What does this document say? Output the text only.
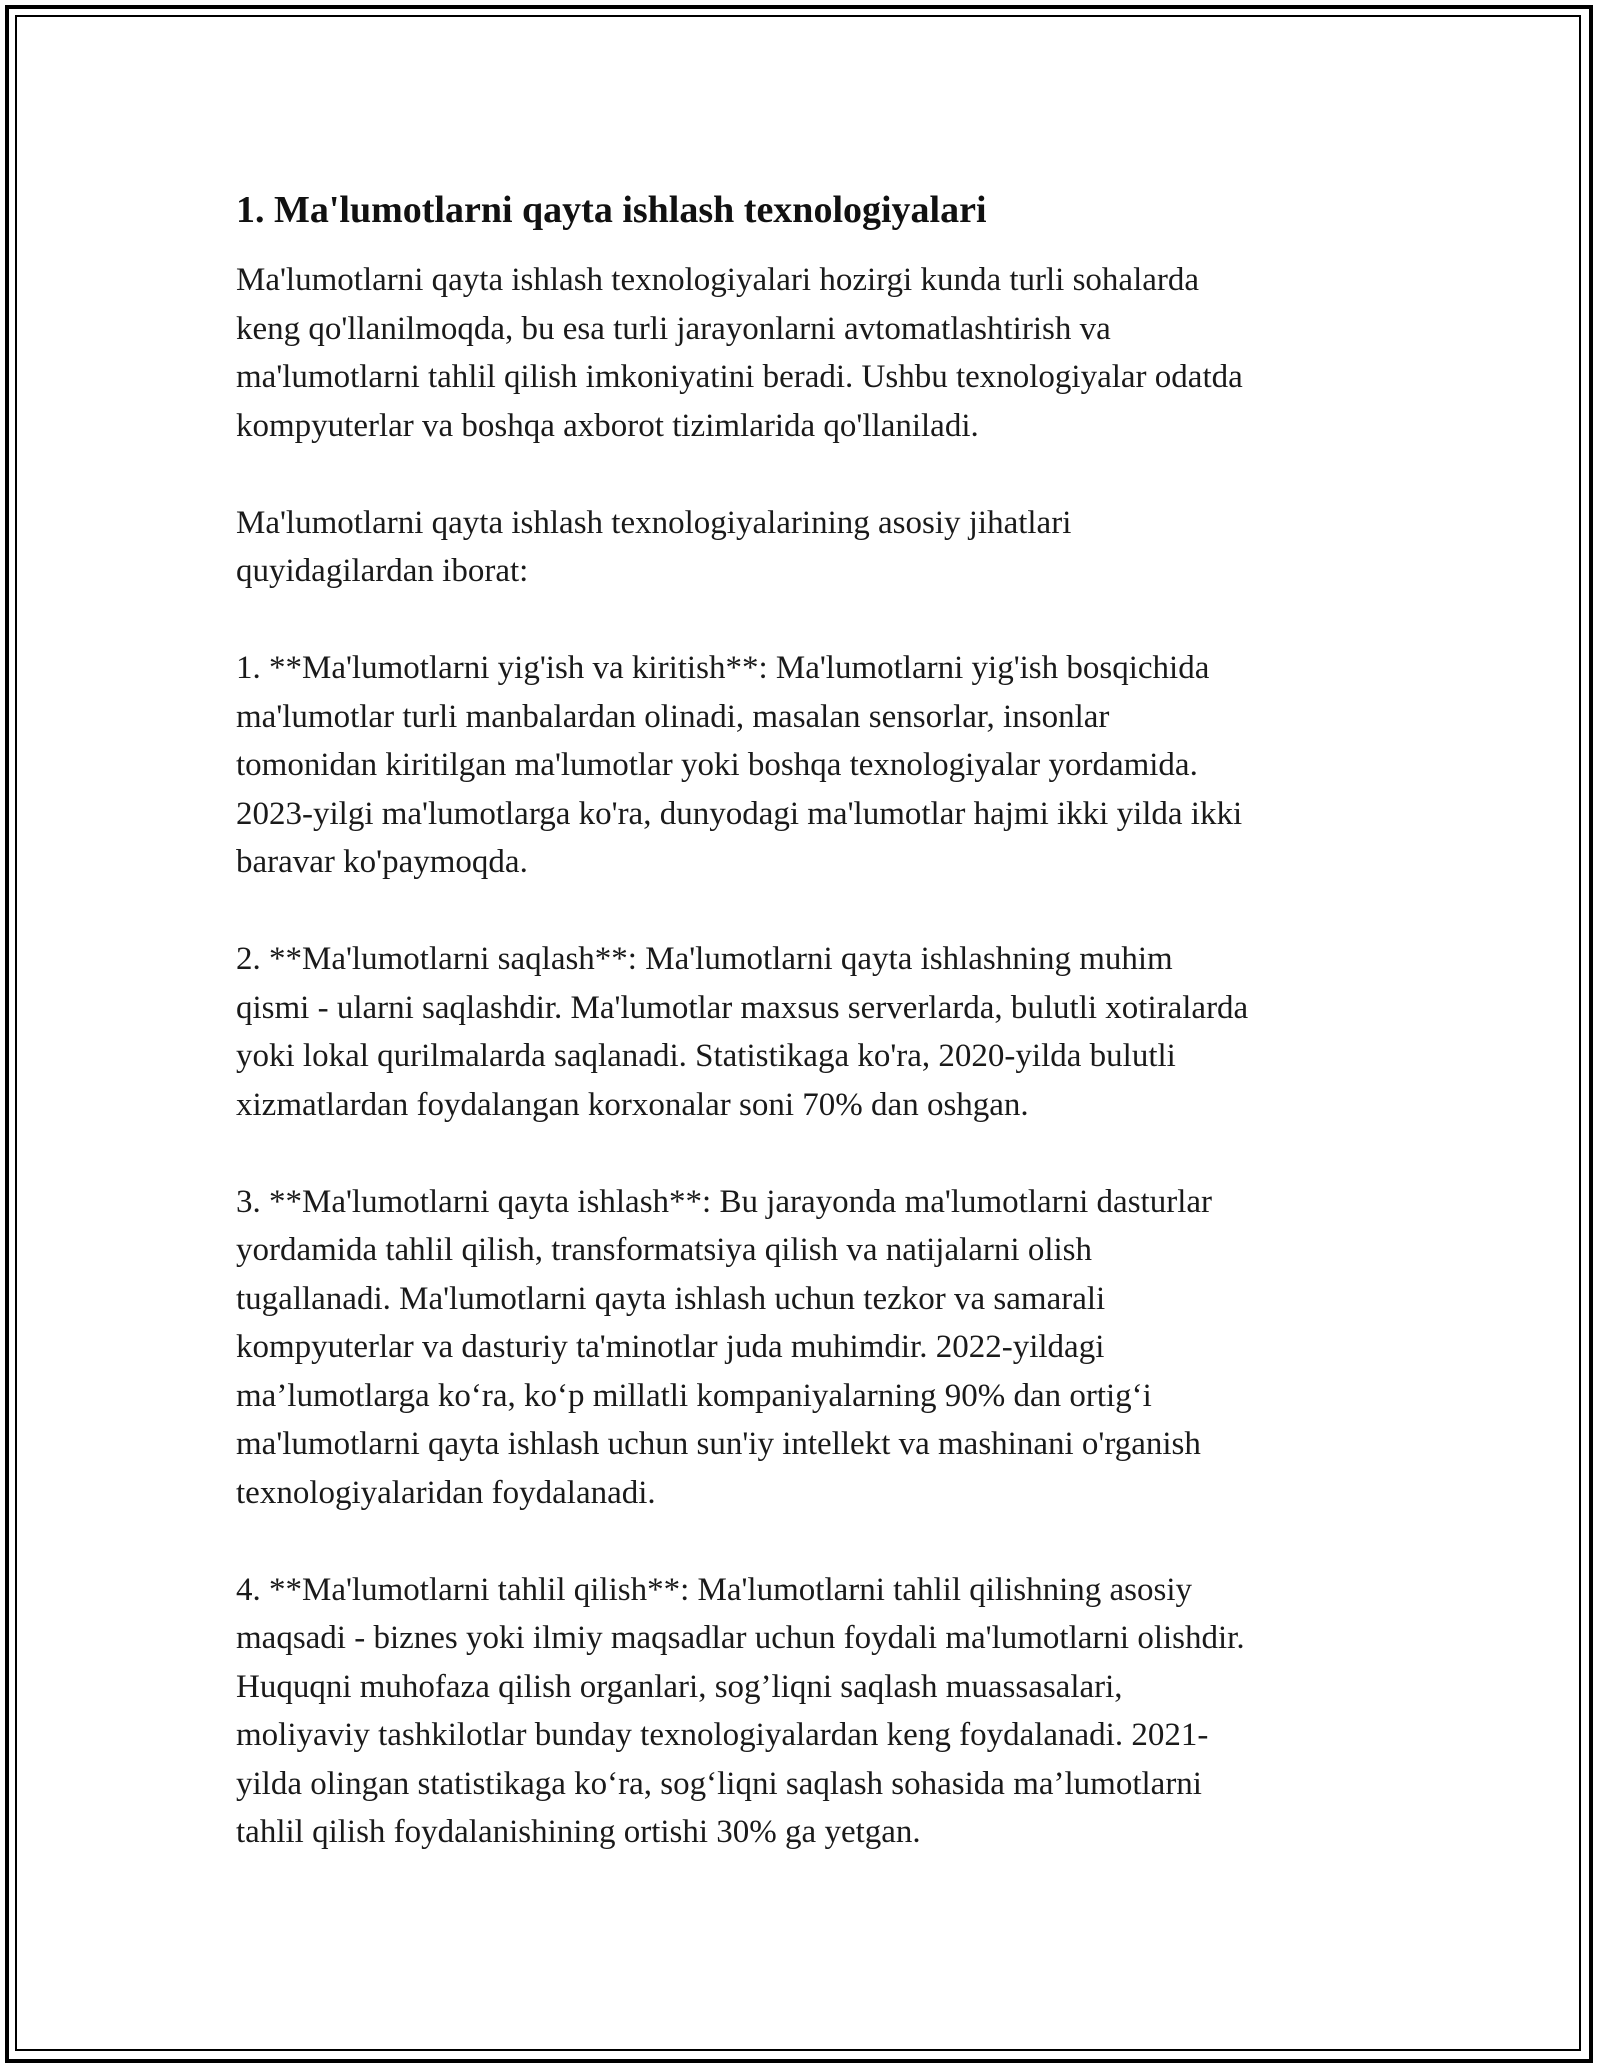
1. Ma'lumotlarni qayta ishlash texnologiyalari

Ma'lumotlarni qayta ishlash texnologiyalari hozirgi kunda turli sohalarda
keng qo'llanilmoqda, bu esa turli jarayonlarni avtomatlashtirish va
ma'lumotlarni tahlil qilish imkoniyatini beradi. Ushbu texnologiyalar odatda
kompyuterlar va boshqa axborot tizimlarida qo'llaniladi.

Ma'lumotlarni qayta ishlash texnologiyalarining asosiy jihatlari
quyidagilardan iborat:

1. **Ma'lumotlarni yig'ish va kiritish**: Ma'lumotlarni yig'ish bosqichida
ma'lumotlar turli manbalardan olinadi, masalan sensorlar, insonlar
tomonidan kiritilgan ma'lumotlar yoki boshqa texnologiyalar yordamida.
2023-yilgi ma'lumotlarga ko'ra, dunyodagi ma'lumotlar hajmi ikki yilda ikki
baravar ko'paymoqda.

2. **Ma'lumotlarni saqlash**: Ma'lumotlarni qayta ishlashning muhim
qismi - ularni saqlashdir. Ma'lumotlar maxsus serverlarda, bulutli xotiralarda
yoki lokal qurilmalarda saqlanadi. Statistikaga ko'ra, 2020-yilda bulutli
xizmatlardan foydalangan korxonalar soni 70% dan oshgan.

3. **Ma'lumotlarni qayta ishlash**: Bu jarayonda ma'lumotlarni dasturlar
yordamida tahlil qilish, transformatsiya qilish va natijalarni olish
tugallanadi. Ma'lumotlarni qayta ishlash uchun tezkor va samarali
kompyuterlar va dasturiy ta'minotlar juda muhimdir. 2022-yildagi
ma’lumotlarga ko‘ra, ko‘p millatli kompaniyalarning 90% dan ortig‘i
ma'lumotlarni qayta ishlash uchun sun'iy intellekt va mashinani o'rganish
texnologiyalaridan foydalanadi.

4. **Ma'lumotlarni tahlil qilish**: Ma'lumotlarni tahlil qilishning asosiy
maqsadi - biznes yoki ilmiy maqsadlar uchun foydali ma'lumotlarni olishdir.
Huquqni muhofaza qilish organlari, sog’liqni saqlash muassasalari,
moliyaviy tashkilotlar bunday texnologiyalardan keng foydalanadi. 2021-
yilda olingan statistikaga ko‘ra, sog‘liqni saqlash sohasida ma’lumotlarni
tahlil qilish foydalanishining ortishi 30% ga yetgan.
